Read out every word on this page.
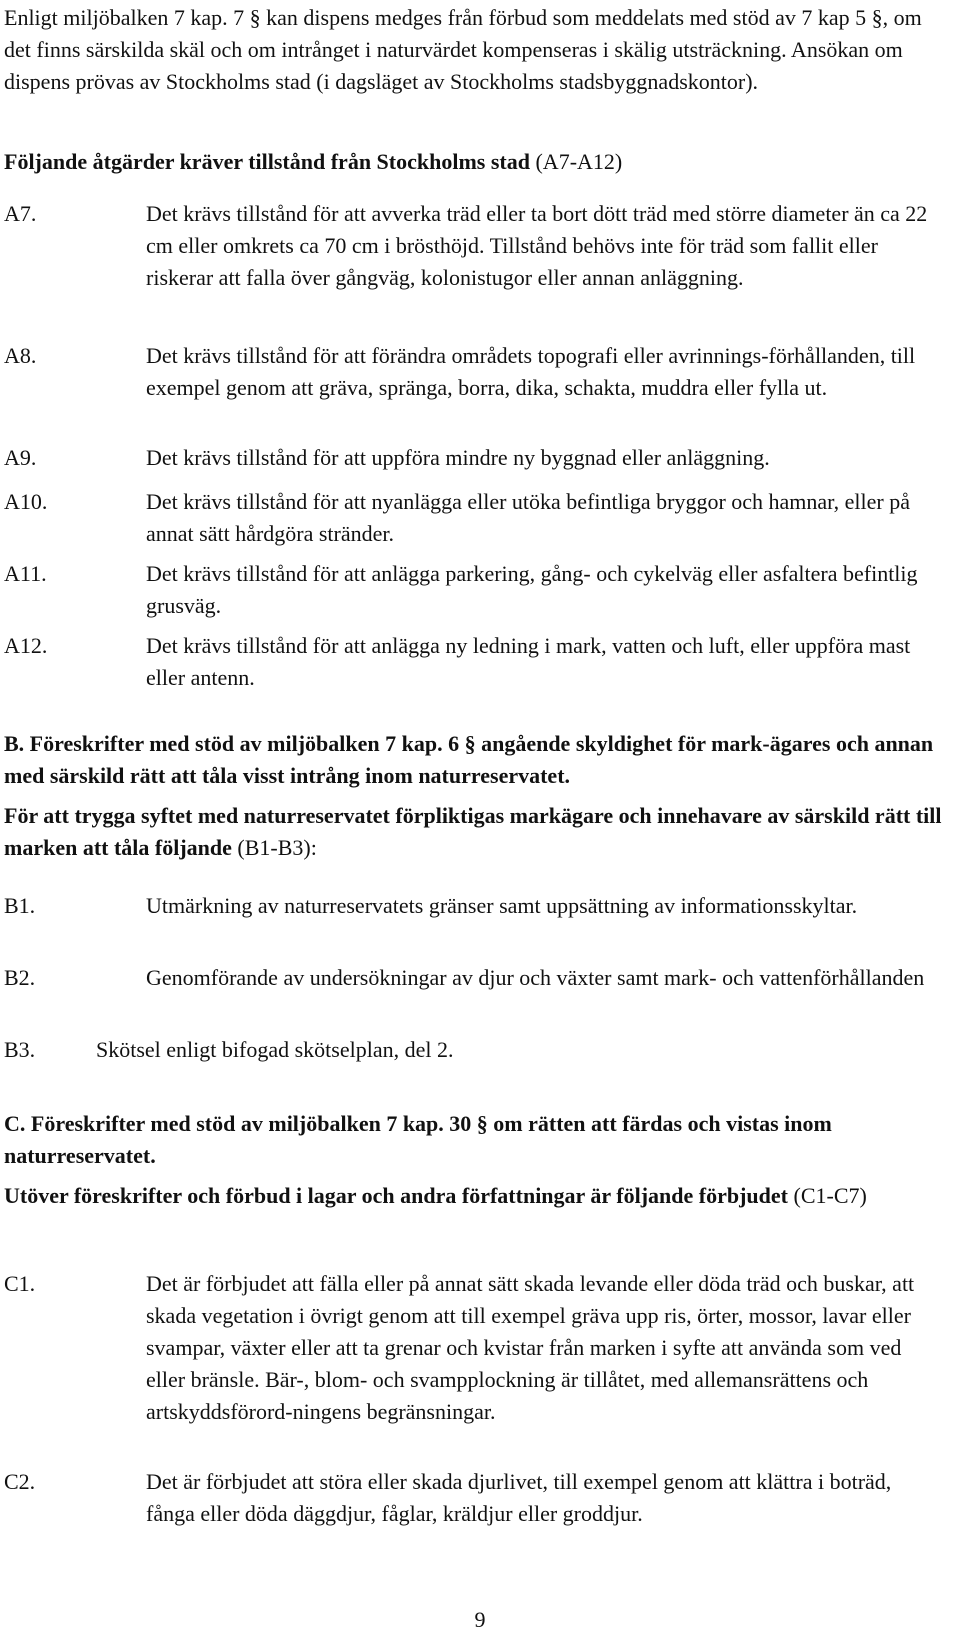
Enligt miljöbalken 7 kap. 7 § kan dispens medges från förbud som meddelats med stöd av 7 kap 5 §, om det finns särskilda skäl och om intrånget i naturvärdet kompenseras i skälig utsträckning. Ansökan om dispens prövas av Stockholms stad (i dagsläget av Stockholms stadsbyggnadskontor).

Följande åtgärder kräver tillstånd från Stockholms stad (A7-A12)

A7.	Det krävs tillstånd för att avverka träd eller ta bort dött träd med större diameter än ca 22 cm eller omkrets ca 70 cm i brösthöjd. Tillstånd behövs inte för träd som fallit eller riskerar att falla över gångväg, kolonistugor eller annan anläggning.

A8.	Det krävs tillstånd för att förändra områdets topografi eller avrinnings-förhållanden, till exempel genom att gräva, spränga, borra, dika, schakta, muddra eller fylla ut.

A9.	Det krävs tillstånd för att uppföra mindre ny byggnad eller anläggning.

A10.	Det krävs tillstånd för att nyanlägga eller utöka befintliga bryggor och hamnar, eller på annat sätt hårdgöra stränder.

A11.	Det krävs tillstånd för att anlägga parkering, gång- och cykelväg eller asfaltera befintlig grusväg.

A12.	Det krävs tillstånd för att anlägga ny ledning i mark, vatten och luft, eller uppföra mast eller antenn.

B. Föreskrifter med stöd av miljöbalken 7 kap. 6 § angående skyldighet för mark-ägares och annan med särskild rätt att tåla visst intrång inom naturreservatet.

För att trygga syftet med naturreservatet förpliktigas markägare och innehavare av särskild rätt till marken att tåla följande (B1-B3):

B1.	Utmärkning av naturreservatets gränser samt uppsättning av informationsskyltar.

B2.	Genomförande av undersökningar av djur och växter samt mark- och vattenförhållanden

B3.	Skötsel enligt bifogad skötselplan, del 2.

C. Föreskrifter med stöd av miljöbalken 7 kap. 30 § om rätten att färdas och vistas inom naturreservatet.

Utöver föreskrifter och förbud i lagar och andra författningar är följande förbjudet (C1-C7)

C1.	Det är förbjudet att fälla eller på annat sätt skada levande eller döda träd och buskar, att skada vegetation i övrigt genom att till exempel gräva upp ris, örter, mossor, lavar eller svampar, växter eller att ta grenar och kvistar från marken i syfte att använda som ved eller bränsle. Bär-, blom- och svampplockning är tillåtet, med allemansrättens och artskyddsförord-ningens begränsningar.

C2.	Det är förbjudet att störa eller skada djurlivet, till exempel genom att klättra i boträd, fånga eller döda däggdjur, fåglar, kräldjur eller groddjur.

9
